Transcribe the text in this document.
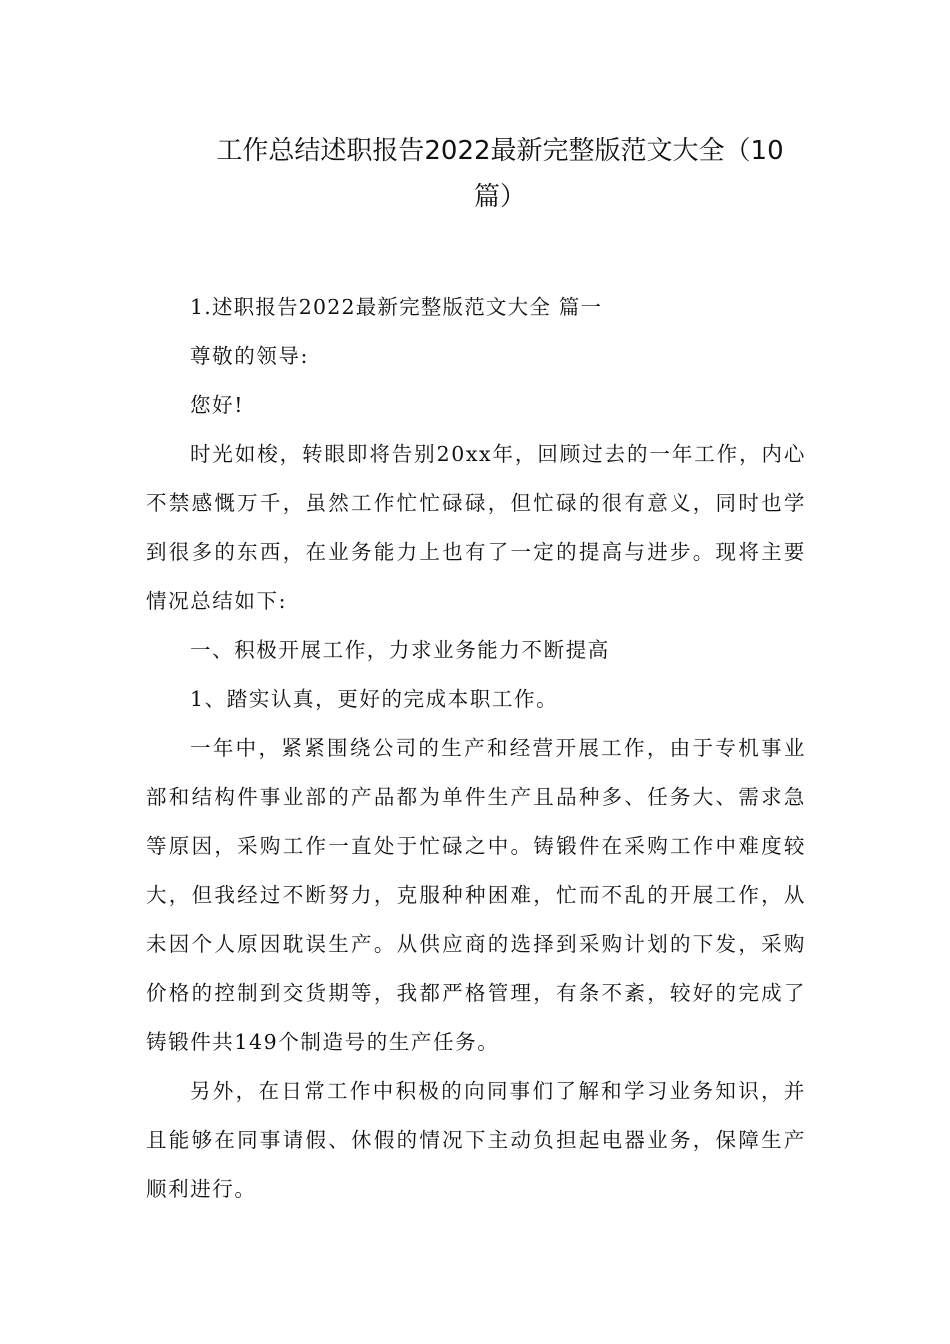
工作总结述职报告2022最新完整版范文大全（10篇）

1.述职报告2022最新完整版范文大全 篇一

尊敬的领导:

您好!

时光如梭，转眼即将告别20xx年，回顾过去的一年工作，内心不禁感慨万千，虽然工作忙忙碌碌，但忙碌的很有意义，同时也学到很多的东西，在业务能力上也有了一定的提高与进步。现将主要情况总结如下:

一、积极开展工作，力求业务能力不断提高

1、踏实认真，更好的完成本职工作。

一年中，紧紧围绕公司的生产和经营开展工作，由于专机事业部和结构件事业部的产品都为单件生产且品种多、任务大、需求急等原因，采购工作一直处于忙碌之中。铸锻件在采购工作中难度较大，但我经过不断努力，克服种种困难，忙而不乱的开展工作，从未因个人原因耽误生产。从供应商的选择到采购计划的下发，采购价格的控制到交货期等，我都严格管理，有条不紊，较好的完成了铸锻件共149个制造号的生产任务。

另外，在日常工作中积极的向同事们了解和学习业务知识，并且能够在同事请假、休假的情况下主动负担起电器业务，保障生产顺利进行。
